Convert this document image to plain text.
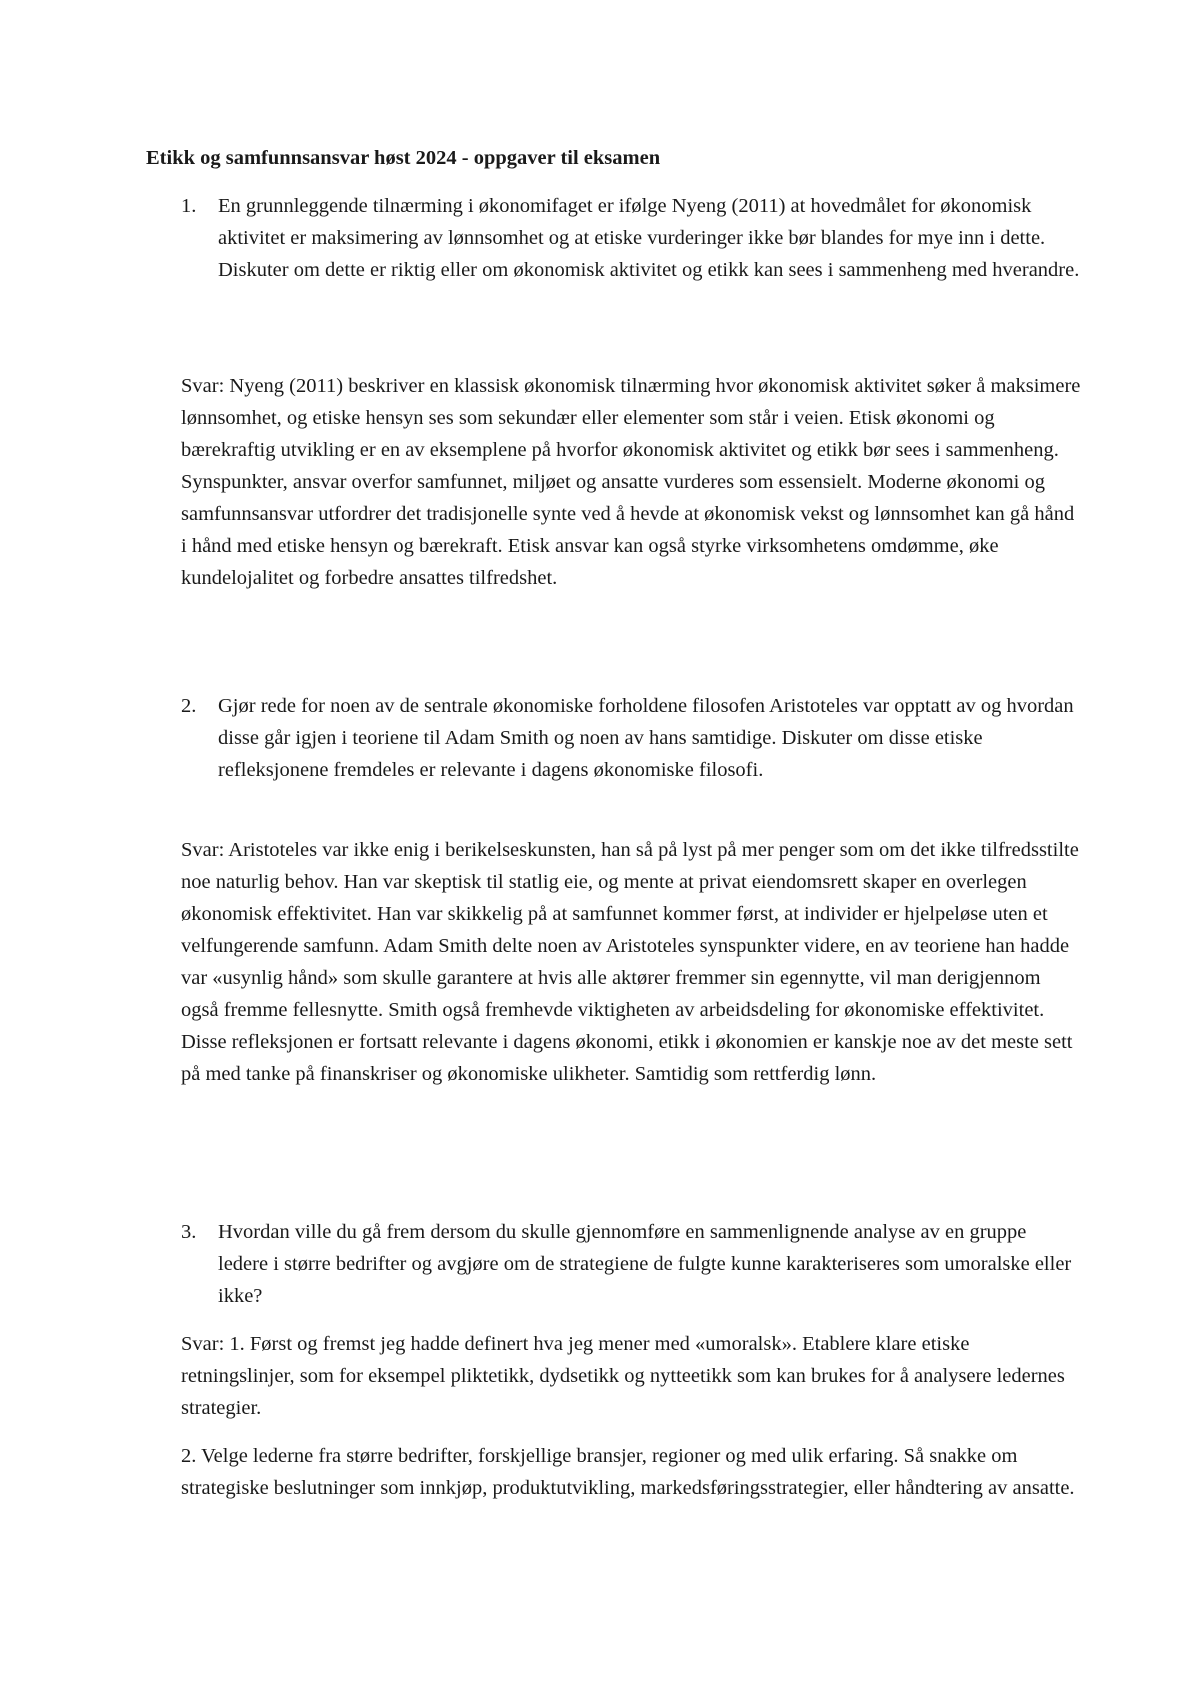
Etikk og samfunnsansvar høst 2024 - oppgaver til eksamen
1. En grunnleggende tilnærming i økonomifaget er ifølge Nyeng (2011) at hovedmålet for økonomisk aktivitet er maksimering av lønnsomhet og at etiske vurderinger ikke bør blandes for mye inn i dette.

Diskuter om dette er riktig eller om økonomisk aktivitet og etikk kan sees i sammenheng med hverandre.

Svar: Nyeng (2011) beskriver en klassisk økonomisk tilnærming hvor økonomisk aktivitet søker å maksimere lønnsomhet, og etiske hensyn ses som sekundær eller elementer som står i veien. Etisk økonomi og bærekraftig utvikling er en av eksemplene på hvorfor økonomisk aktivitet og etikk bør sees i sammenheng. Synspunkter, ansvar overfor samfunnet, miljøet og ansatte vurderes som essensielt. Moderne økonomi og samfunnsansvar utfordrer det tradisjonelle synte ved å hevde at økonomisk vekst og lønnsomhet kan gå hånd i hånd med etiske hensyn og bærekraft. Etisk ansvar kan også styrke virksomhetens omdømme, øke kundelojalitet og forbedre ansattes tilfredshet.

2. Gjør rede for noen av de sentrale økonomiske forholdene filosofen Aristoteles var opptatt av og hvordan disse går igjen i teoriene til Adam Smith og noen av hans samtidige. Diskuter om disse etiske refleksjonene fremdeles er relevante i dagens økonomiske filosofi.

Svar: Aristoteles var ikke enig i berikelseskunsten, han så på lyst på mer penger som om det ikke tilfredsstilte noe naturlig behov. Han var skeptisk til statlig eie, og mente at privat eiendomsrett skaper en overlegen økonomisk effektivitet. Han var skikkelig på at samfunnet kommer først, at individer er hjelpeløse uten et velfungerende samfunn. Adam Smith delte noen av Aristoteles synspunkter videre, en av teoriene han hadde var «usynlig hånd» som skulle garantere at hvis alle aktører fremmer sin egennytte, vil man derigjennom også fremme fellesnytte. Smith også fremhevde viktigheten av arbeidsdeling for økonomiske effektivitet. Disse refleksjonen er fortsatt relevante i dagens økonomi, etikk i økonomien er kanskje noe av det meste sett på med tanke på finanskriser og økonomiske ulikheter. Samtidig som rettferdig lønn.

3. Hvordan ville du gå frem dersom du skulle gjennomføre en sammenlignende analyse av en gruppe ledere i større bedrifter og avgjøre om de strategiene de fulgte kunne karakteriseres som umoralske eller ikke?

Svar: 1. Først og fremst jeg hadde definert hva jeg mener med «umoralsk». Etablere klare etiske retningslinjer, som for eksempel pliktetikk, dydsetikk og nytteetikk som kan brukes for å analysere ledernes strategier.

2. Velge lederne fra større bedrifter, forskjellige bransjer, regioner og med ulik erfaring. Så snakke om strategiske beslutninger som innkjøp, produktutvikling, markedsføringsstrategier, eller håndtering av ansatte.
